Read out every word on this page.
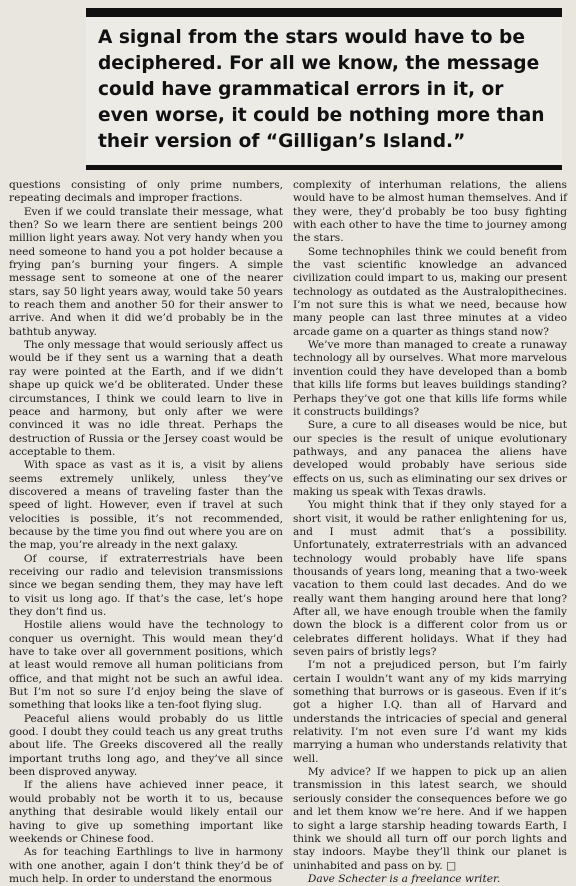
A signal from the stars would have to be deciphered. For all we know, the message could have grammatical errors in it, or even worse, it could be nothing more than their version of “Gilligan’s Island.”

questions consisting of only prime numbers, repeating decimals and improper fractions.

Even if we could translate their message, what then? So we learn there are sentient beings 200 million light years away. Not very handy when you need someone to hand you a pot holder because a frying pan’s burning your fingers. A simple message sent to someone at one of the nearer stars, say 50 light years away, would take 50 years to reach them and another 50 for their answer to arrive. And when it did we’d probably be in the bathtub anyway.

The only message that would seriously affect us would be if they sent us a warning that a death ray were pointed at the Earth, and if we didn’t shape up quick we’d be obliterated. Under these circumstances, I think we could learn to live in peace and harmony, but only after we were convinced it was no idle threat. Perhaps the destruction of Russia or the Jersey coast would be acceptable to them.

With space as vast as it is, a visit by aliens seems extremely unlikely, unless they’ve discovered a means of traveling faster than the speed of light. However, even if travel at such velocities is possible, it’s not recommended, because by the time you find out where you are on the map, you’re already in the next galaxy.

Of course, if extraterrestrials have been receiving our radio and television transmissions since we began sending them, they may have left to visit us long ago. If that’s the case, let’s hope they don’t find us.

Hostile aliens would have the technology to conquer us overnight. This would mean they’d have to take over all government positions, which at least would remove all human politicians from office, and that might not be such an awful idea. But I’m not so sure I’d enjoy being the slave of something that looks like a ten-foot flying slug.

Peaceful aliens would probably do us little good. I doubt they could teach us any great truths about life. The Greeks discovered all the really important truths long ago, and they’ve all since been disproved anyway.

If the aliens have achieved inner peace, it would probably not be worth it to us, because anything that desirable would likely entail our having to give up something important like weekends or Chinese food.

As for teaching Earthlings to live in harmony with one another, again I don’t think they’d be of much help. In order to understand the enormous

complexity of interhuman relations, the aliens would have to be almost human themselves. And if they were, they’d probably be too busy fighting with each other to have the time to journey among the stars.

Some technophiles think we could benefit from the vast scientific knowledge an advanced civilization could impart to us, making our present technology as outdated as the Australopithecines. I’m not sure this is what we need, because how many people can last three minutes at a video arcade game on a quarter as things stand now?

We’ve more than managed to create a runaway technology all by ourselves. What more marvelous invention could they have developed than a bomb that kills life forms but leaves buildings standing? Perhaps they’ve got one that kills life forms while it constructs buildings?

Sure, a cure to all diseases would be nice, but our species is the result of unique evolutionary pathways, and any panacea the aliens have developed would probably have serious side effects on us, such as eliminating our sex drives or making us speak with Texas drawls.

You might think that if they only stayed for a short visit, it would be rather enlightening for us, and I must admit that’s a possibility. Unfortunately, extraterrestrials with an advanced technology would probably have life spans thousands of years long, meaning that a two-week vacation to them could last decades. And do we really want them hanging around here that long? After all, we have enough trouble when the family down the block is a different color from us or celebrates different holidays. What if they had seven pairs of bristly legs?

I’m not a prejudiced person, but I’m fairly certain I wouldn’t want any of my kids marrying something that burrows or is gaseous. Even if it’s got a higher I.Q. than all of Harvard and understands the intricacies of special and general relativity. I’m not even sure I’d want my kids marrying a human who understands relativity that well.

My advice? If we happen to pick up an alien transmission in this latest search, we should seriously consider the consequences before we go and let them know we’re here. And if we happen to sight a large starship heading towards Earth, I think we should all turn off our porch lights and stay indoors. Maybe they’ll think our planet is uninhabited and pass on by. □

Dave Schecter is a freelance writer.
